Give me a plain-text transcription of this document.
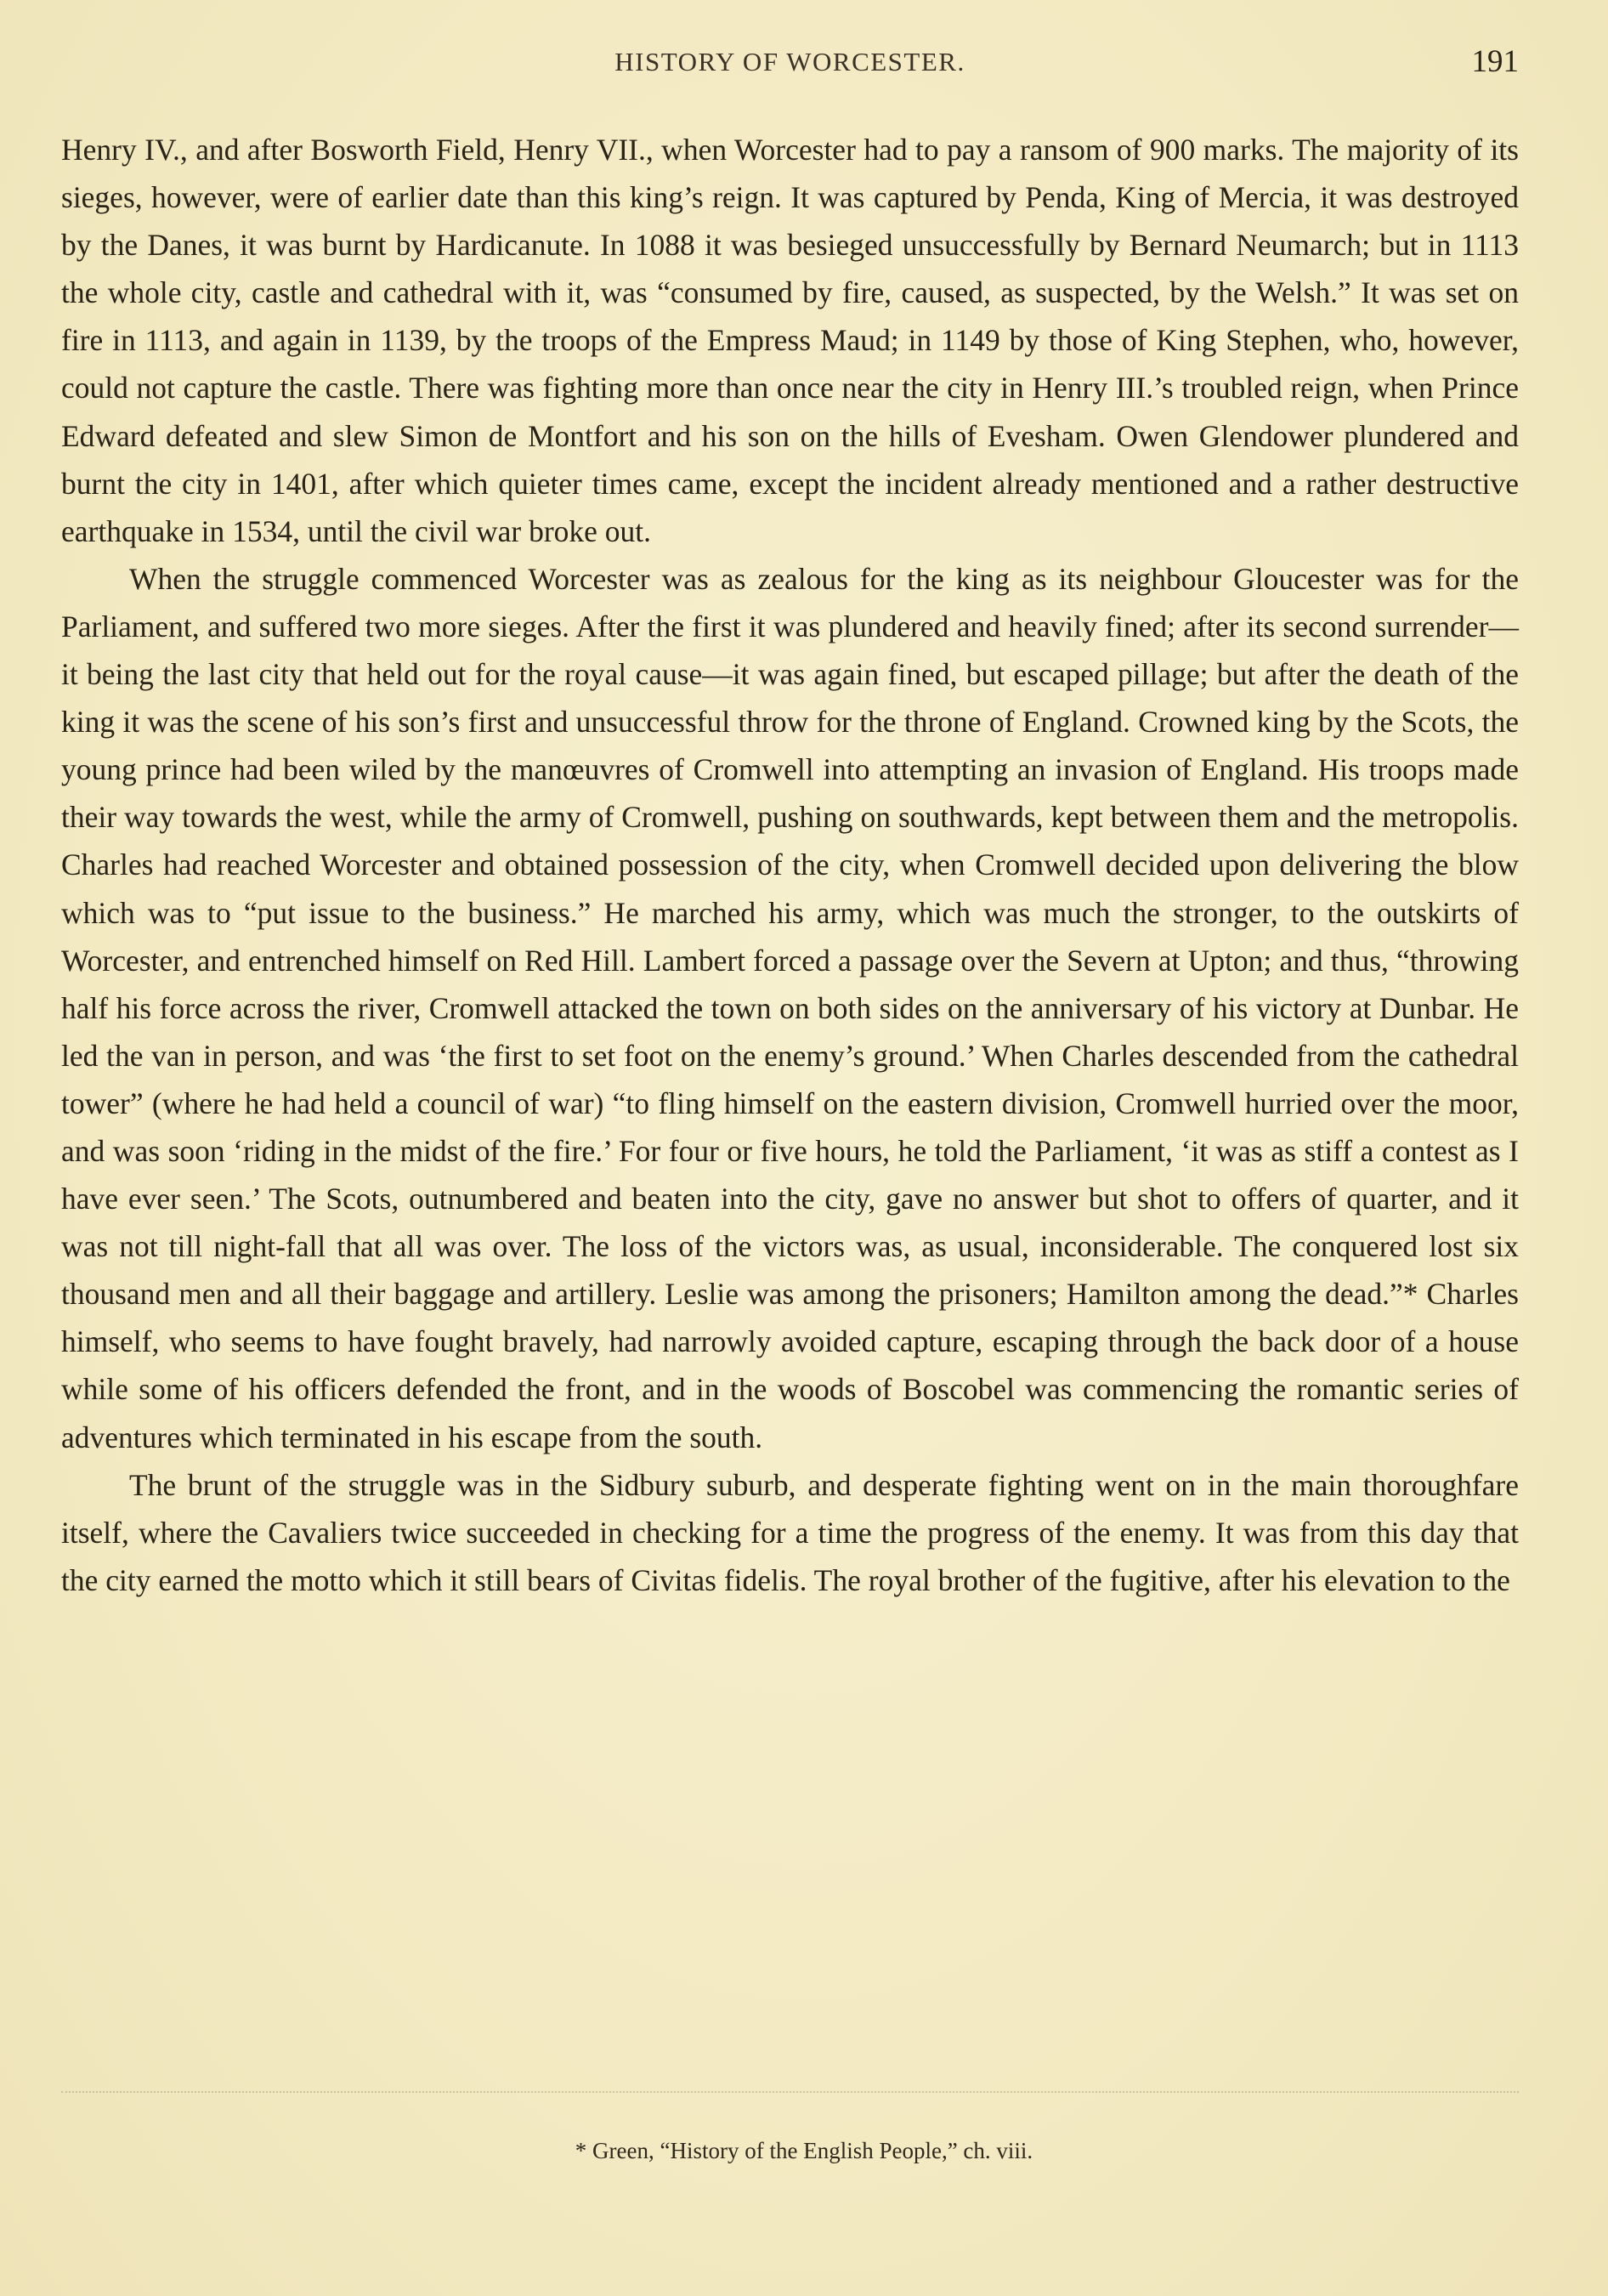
HISTORY OF WORCESTER.	191

Henry IV., and after Bosworth Field, Henry VII., when Worcester had to pay a ransom of 900 marks. The majority of its sieges, however, were of earlier date than this king’s reign. It was captured by Penda, King of Mercia, it was destroyed by the Danes, it was burnt by Hardicanute. In 1088 it was besieged unsuccessfully by Bernard Neumarch; but in 1113 the whole city, castle and cathedral with it, was “consumed by fire, caused, as suspected, by the Welsh.” It was set on fire in 1113, and again in 1139, by the troops of the Empress Maud; in 1149 by those of King Stephen, who, however, could not capture the castle. There was fighting more than once near the city in Henry III.’s troubled reign, when Prince Edward defeated and slew Simon de Montfort and his son on the hills of Evesham. Owen Glendower plundered and burnt the city in 1401, after which quieter times came, except the incident already mentioned and a rather destructive earthquake in 1534, until the civil war broke out.

When the struggle commenced Worcester was as zealous for the king as its neighbour Gloucester was for the Parliament, and suffered two more sieges. After the first it was plundered and heavily fined; after its second surrender—it being the last city that held out for the royal cause—it was again fined, but escaped pillage; but after the death of the king it was the scene of his son’s first and unsuccessful throw for the throne of England. Crowned king by the Scots, the young prince had been wiled by the manœuvres of Cromwell into attempting an invasion of England. His troops made their way towards the west, while the army of Cromwell, pushing on southwards, kept between them and the metropolis. Charles had reached Worcester and obtained possession of the city, when Cromwell decided upon delivering the blow which was to “put issue to the business.” He marched his army, which was much the stronger, to the outskirts of Worcester, and entrenched himself on Red Hill. Lambert forced a passage over the Severn at Upton; and thus, “throwing half his force across the river, Cromwell attacked the town on both sides on the anniversary of his victory at Dunbar. He led the van in person, and was ‘the first to set foot on the enemy’s ground.’ When Charles descended from the cathedral tower” (where he had held a council of war) “to fling himself on the eastern division, Cromwell hurried over the moor, and was soon ‘riding in the midst of the fire.’ For four or five hours, he told the Parliament, ‘it was as stiff a contest as I have ever seen.’ The Scots, outnumbered and beaten into the city, gave no answer but shot to offers of quarter, and it was not till night-fall that all was over. The loss of the victors was, as usual, inconsiderable. The conquered lost six thousand men and all their baggage and artillery. Leslie was among the prisoners; Hamilton among the dead.”* Charles himself, who seems to have fought bravely, had narrowly avoided capture, escaping through the back door of a house while some of his officers defended the front, and in the woods of Boscobel was commencing the romantic series of adventures which terminated in his escape from the south.

The brunt of the struggle was in the Sidbury suburb, and desperate fighting went on in the main thoroughfare itself, where the Cavaliers twice succeeded in checking for a time the progress of the enemy. It was from this day that the city earned the motto which it still bears of Civitas fidelis. The royal brother of the fugitive, after his elevation to the

* Green, “History of the English People,” ch. viii.
